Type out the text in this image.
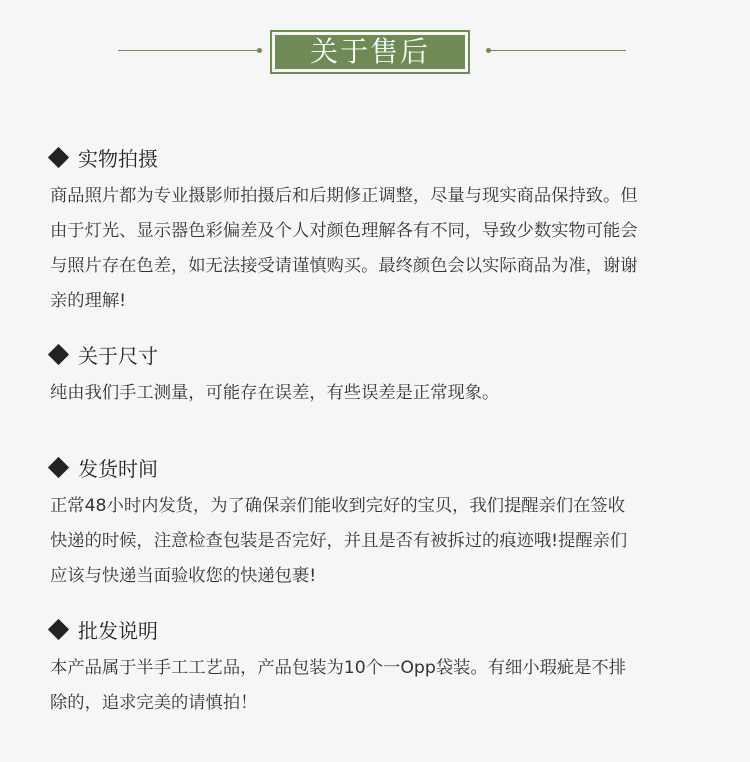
关于售后
实物拍摄
商品照片都为专业摄影师拍摄后和后期修正调整，尽量与现实商品保持致。但
由于灯光、显示器色彩偏差及个人对颜色理解各有不同，导致少数实物可能会
与照片存在色差，如无法接受请谨慎购买。最终颜色会以实际商品为准，谢谢
亲的理解!
关于尺寸
纯由我们手工测量，可能存在误差，有些误差是正常现象。
发货时间
正常48小时内发货，为了确保亲们能收到完好的宝贝，我们提醒亲们在签收
快递的时候，注意检查包装是否完好，并且是否有被拆过的痕迹哦!提醒亲们
应该与快递当面验收您的快递包裹!
批发说明
本产品属于半手工工艺品，产品包装为10个一Opp袋装。有细小瑕疵是不排
除的，追求完美的请慎拍！
